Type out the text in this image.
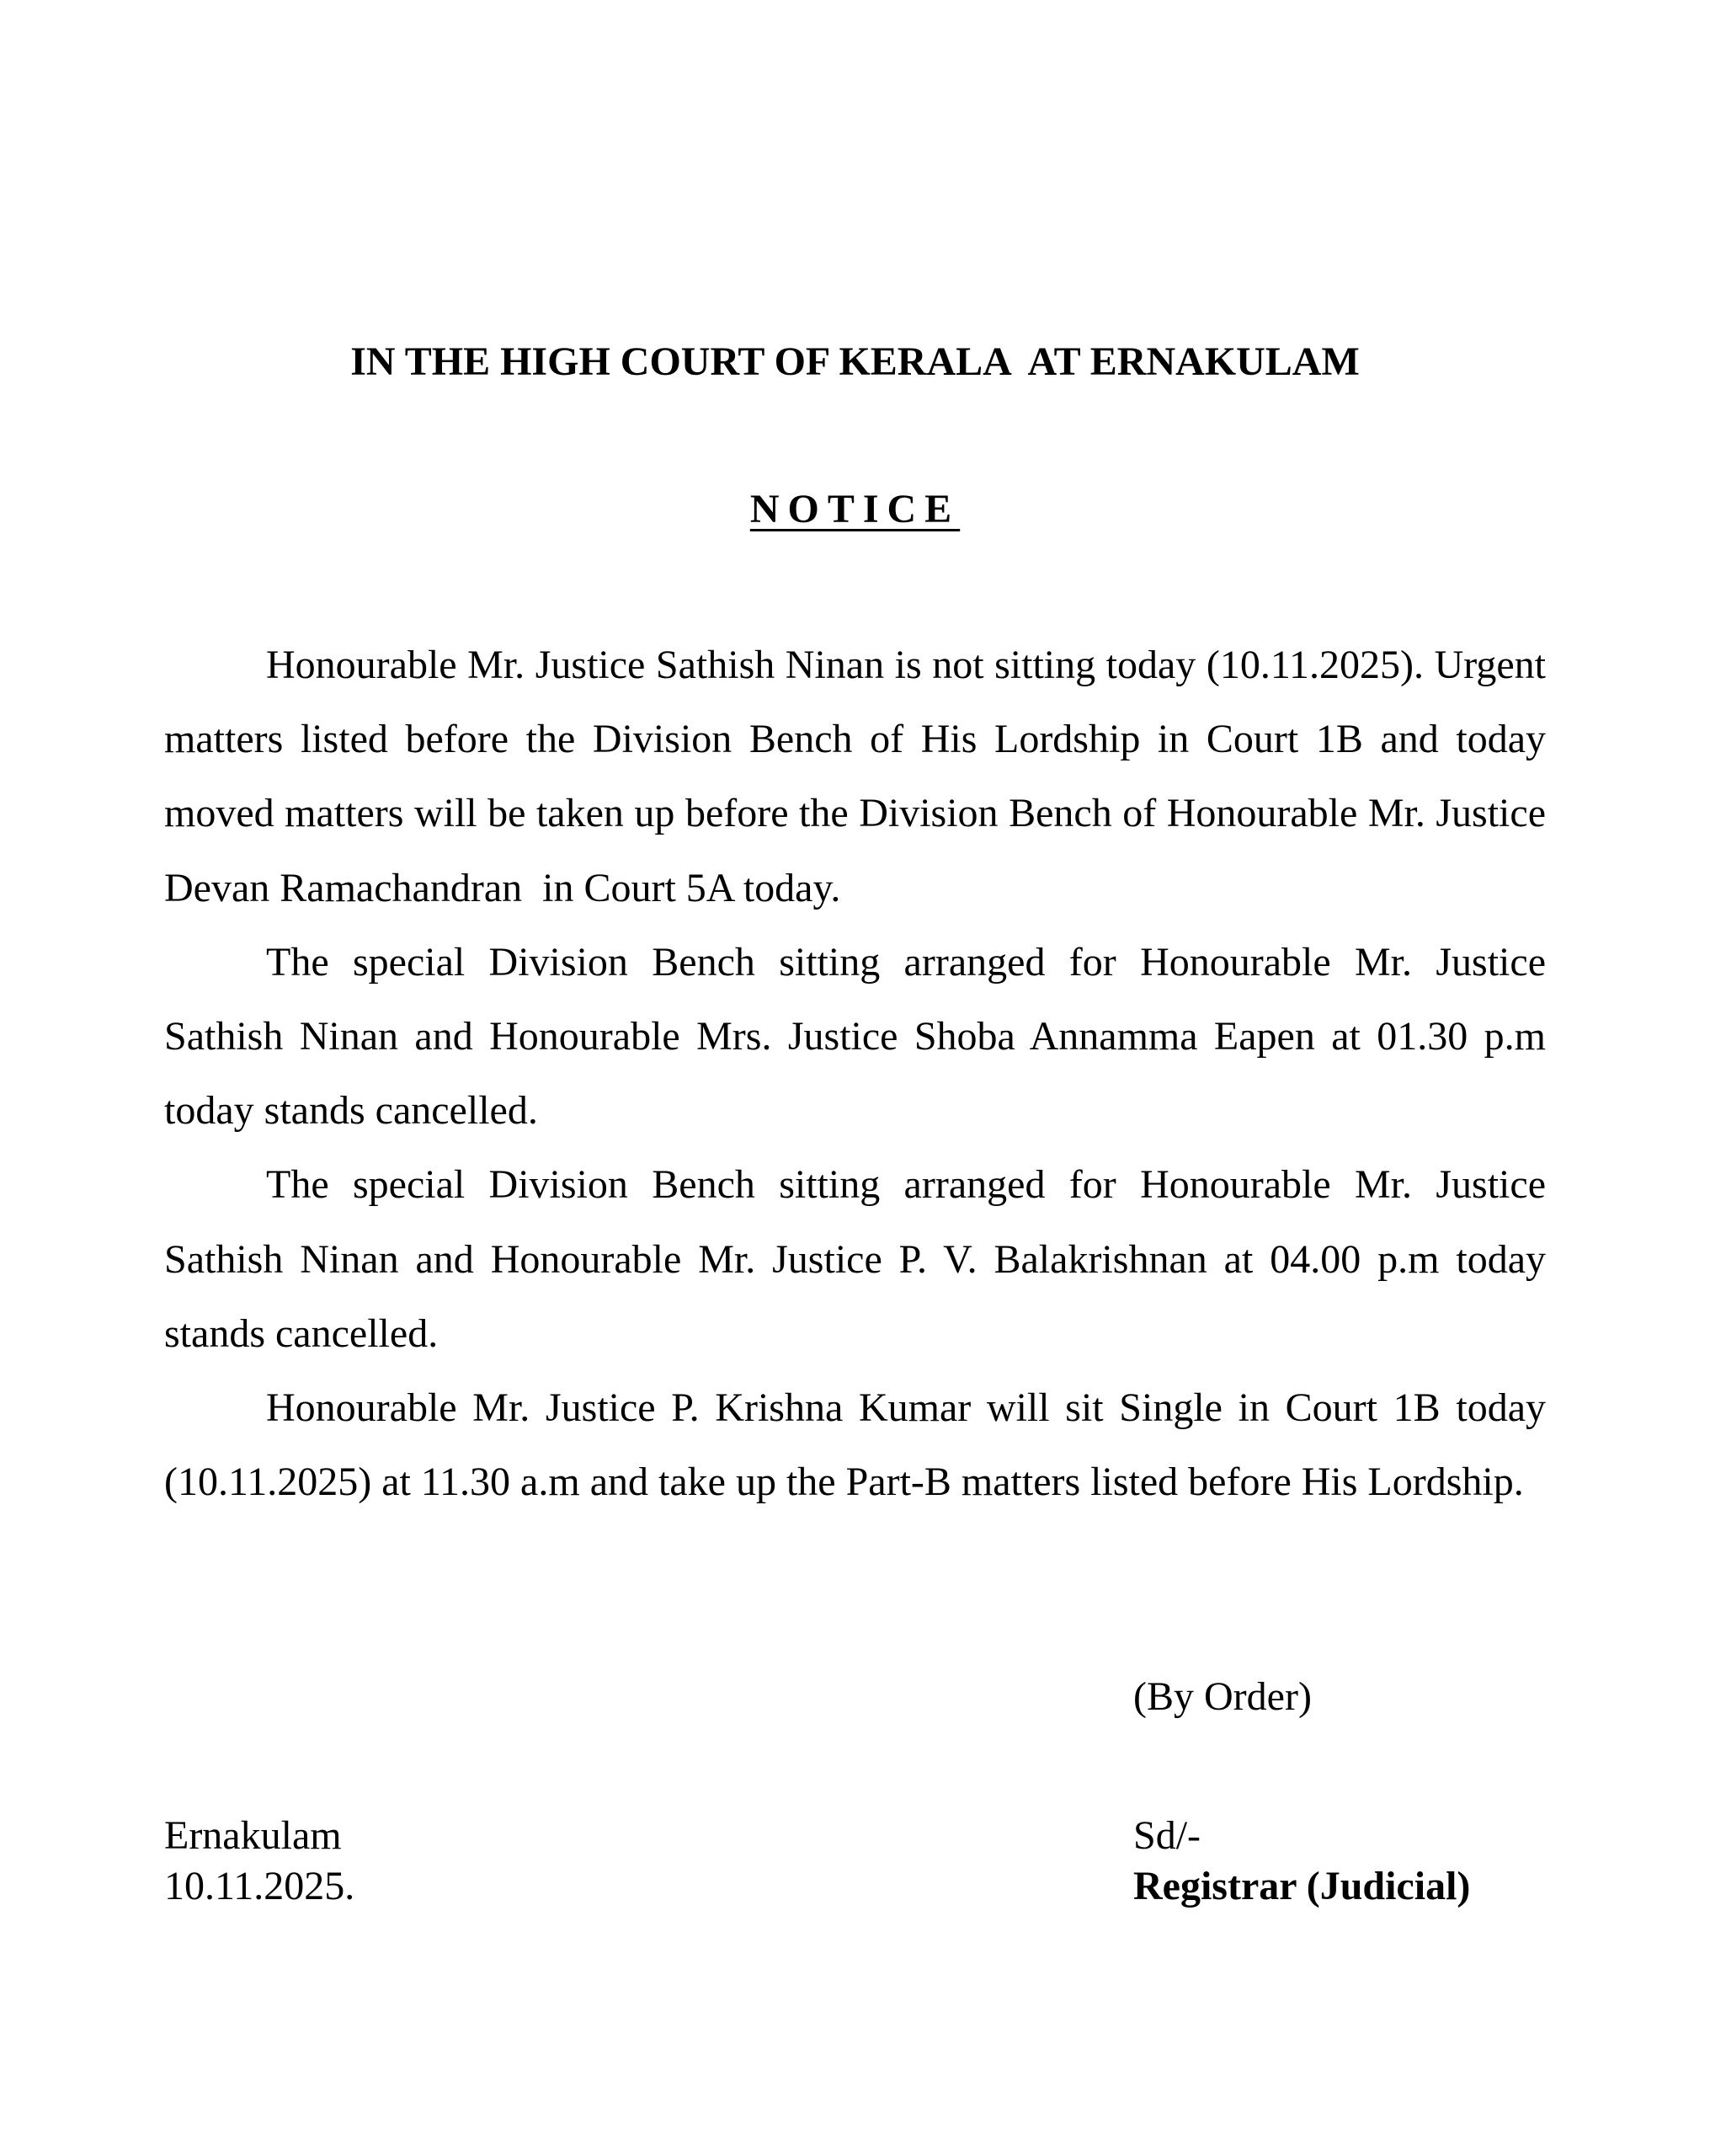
IN THE HIGH COURT OF KERALA  AT ERNAKULAM
NOTICE

Honourable Mr. Justice Sathish Ninan is not sitting today (10.11.2025). Urgent matters listed before the Division Bench of His Lordship in Court 1B and today moved matters will be taken up before the Division Bench of Honourable Mr. Justice Devan Ramachandran  in Court 5A today.

The special Division Bench sitting arranged for Honourable Mr. Justice Sathish Ninan and Honourable Mrs. Justice Shoba Annamma Eapen at 01.30 p.m today stands cancelled.

The special Division Bench sitting arranged for Honourable Mr. Justice Sathish Ninan and Honourable Mr. Justice P. V. Balakrishnan at 04.00 p.m today stands cancelled.

Honourable Mr. Justice P. Krishna Kumar will sit Single in Court 1B today (10.11.2025) at 11.30 a.m and take up the Part-B matters listed before His Lordship.

(By Order)
Ernakulam
10.11.2025.
Sd/-
Registrar (Judicial)
